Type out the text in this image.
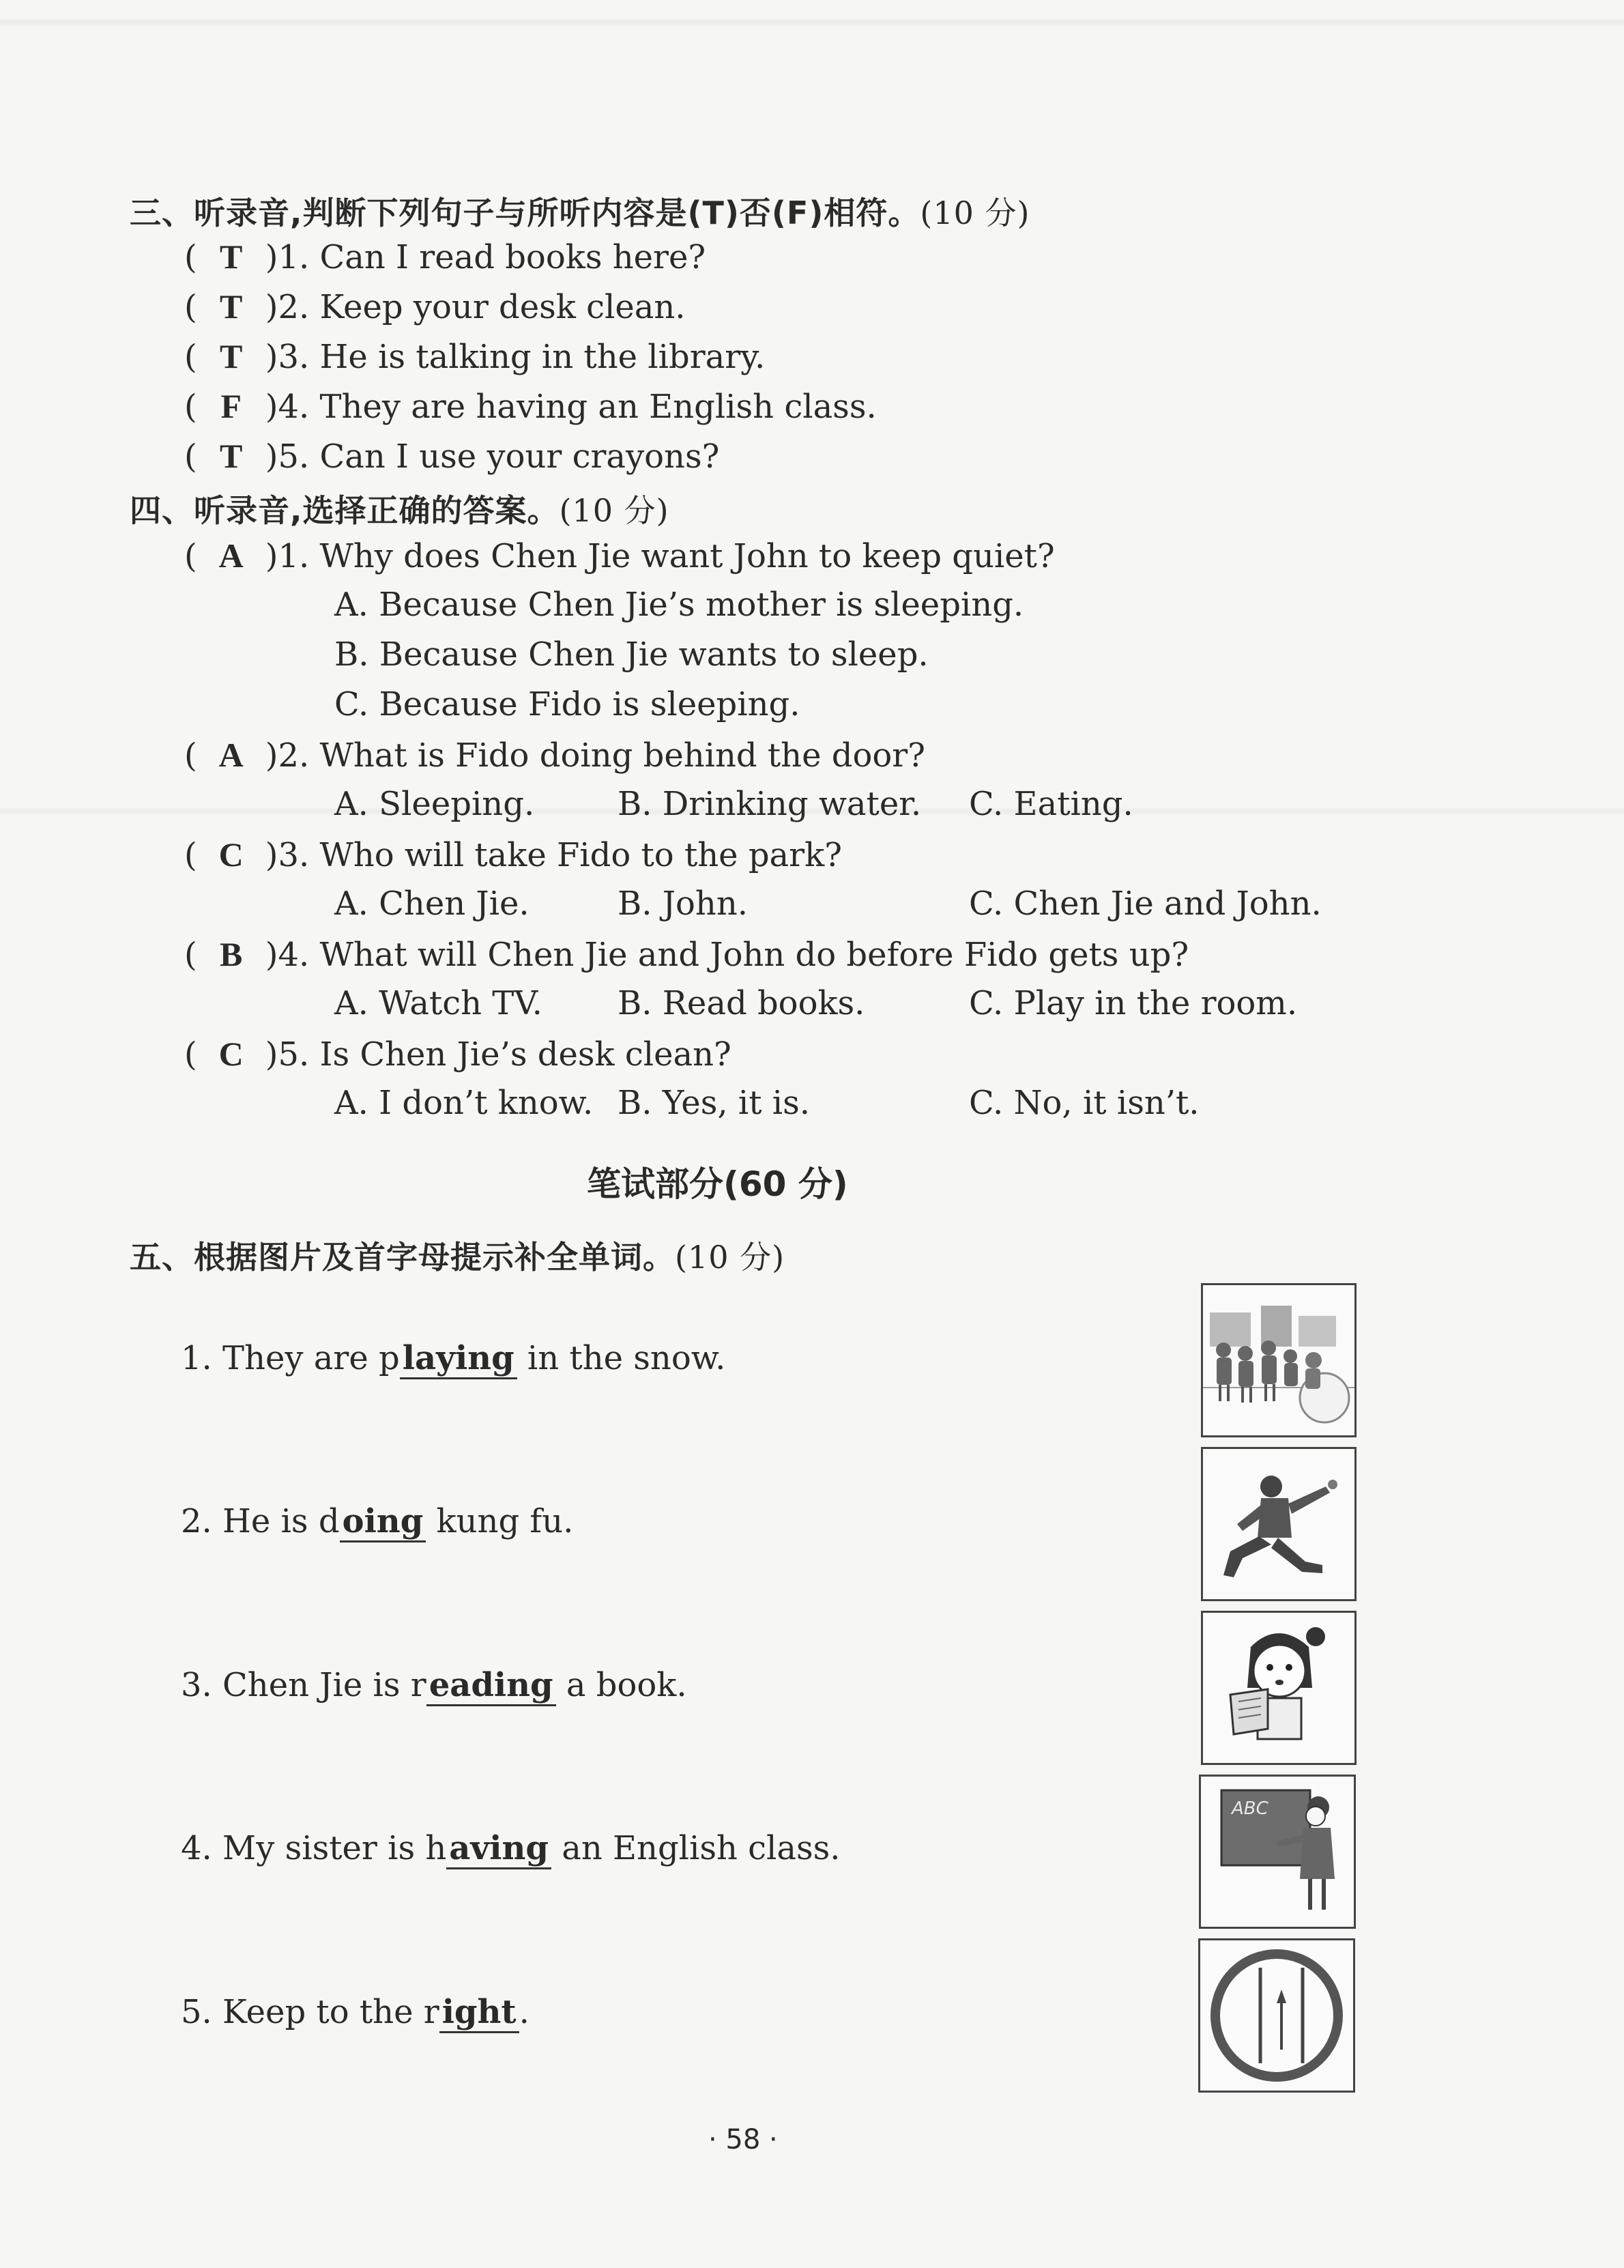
三、听录音,判断下列句子与所听内容是(T)否(F)相符。(10 分)
( T )1. Can I read books here?
( T )2. Keep your desk clean.
( T )3. He is talking in the library.
( F )4. They are having an English class.
( T )5. Can I use your crayons?
四、听录音,选择正确的答案。(10 分)
( A )1. Why does Chen Jie want John to keep quiet?
A. Because Chen Jie’s mother is sleeping.
B. Because Chen Jie wants to sleep.
C. Because Fido is sleeping.
( A )2. What is Fido doing behind the door?
A. Sleeping.	B. Drinking water. C. Eating.
( C )3. Who will take Fido to the park?
A. Chen Jie.	B. John.	C. Chen Jie and John.
( B )4. What will Chen Jie and John do before Fido gets up?
A. Watch TV. B. Read books.	C. Play in the room.
( C )5. Is Chen Jie’s desk clean?
A. I don’t know. B. Yes, it is.	C. No, it isn’t.
笔试部分(60 分)
五、根据图片及首字母提示补全单词。(10 分)
1. They are playing in the snow.
2. He is doing kung fu.
3. Chen Jie is reading a book.
4. My sister is having an English class.
5. Keep to the right.
ABC
· 58 ·
